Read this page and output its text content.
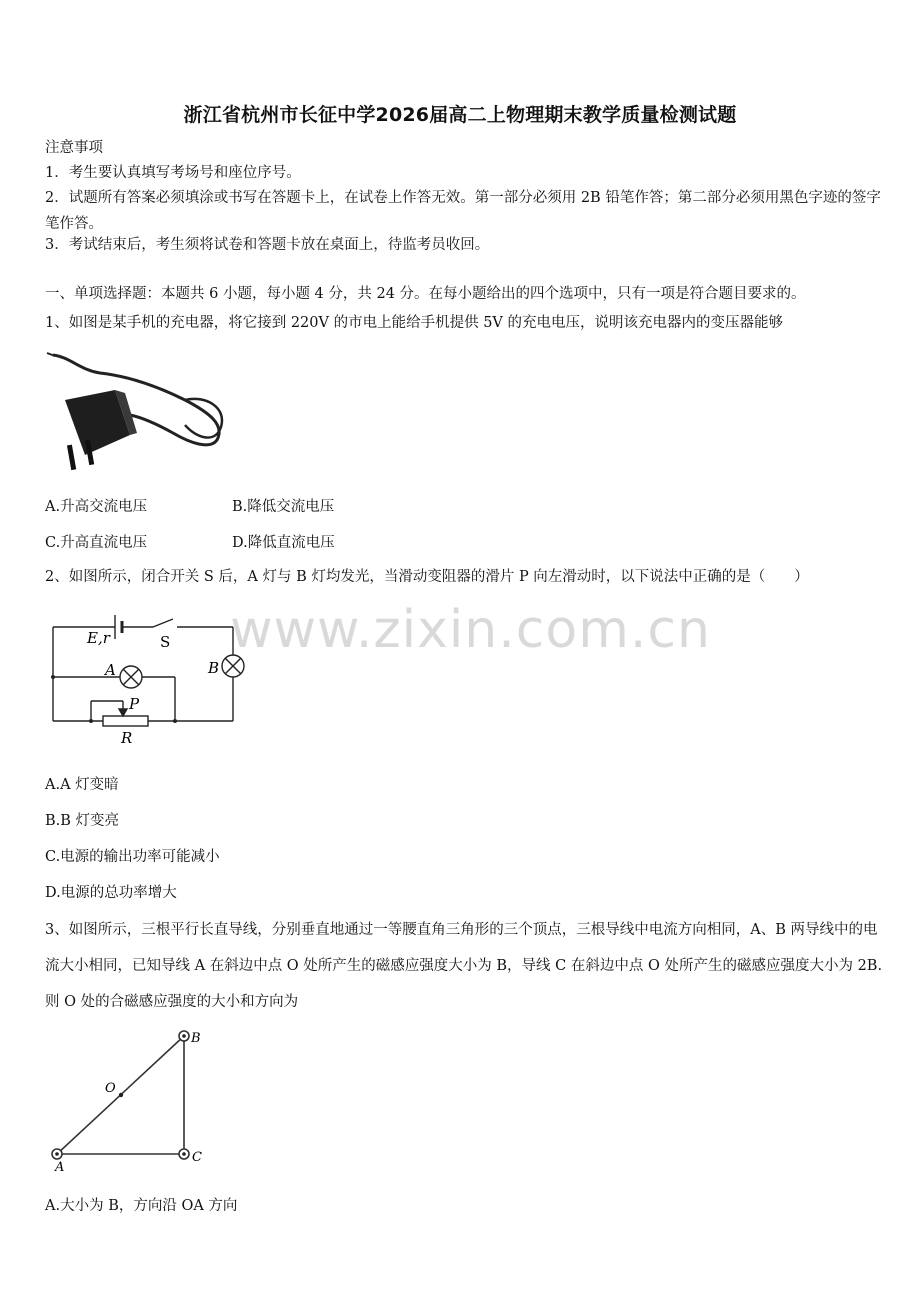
浙江省杭州市长征中学2026届高二上物理期末教学质量检测试题
注意事项
1．考生要认真填写考场号和座位序号。
2．试题所有答案必须填涂或书写在答题卡上，在试卷上作答无效。第一部分必须用 2B 铅笔作答；第二部分必须用黑色字迹的签字笔作答。
3．考试结束后，考生须将试卷和答题卡放在桌面上，待监考员收回。
一、单项选择题：本题共 6 小题，每小题 4 分，共 24 分。在每小题给出的四个选项中，只有一项是符合题目要求的。
1、如图是某手机的充电器，将它接到 220V 的市电上能给手机提供 5V 的充电电压，说明该充电器内的变压器能够
A.升高交流电压	B.降低交流电压
C.升高直流电压	D.降低直流电压
2、如图所示，闭合开关 S 后，A 灯与 B 灯均发光，当滑动变阻器的滑片 P 向左滑动时，以下说法中正确的是（　　）
E,r	S
A	B
P
R
www.zixin.com.cn
A.A 灯变暗
B.B 灯变亮
C.电源的输出功率可能减小
D.电源的总功率增大
3、如图所示，三根平行长直导线，分别垂直地通过一等腰直角三角形的三个顶点，三根导线中电流方向相同，A、B 两导线中的电流大小相同，已知导线 A 在斜边中点 O 处所产生的磁感应强度大小为 B，导线 C 在斜边中点 O 处所产生的磁感应强度大小为 2B.则 O 处的合磁感应强度的大小和方向为
A
B
C
O
A.大小为 B，方向沿 OA 方向
